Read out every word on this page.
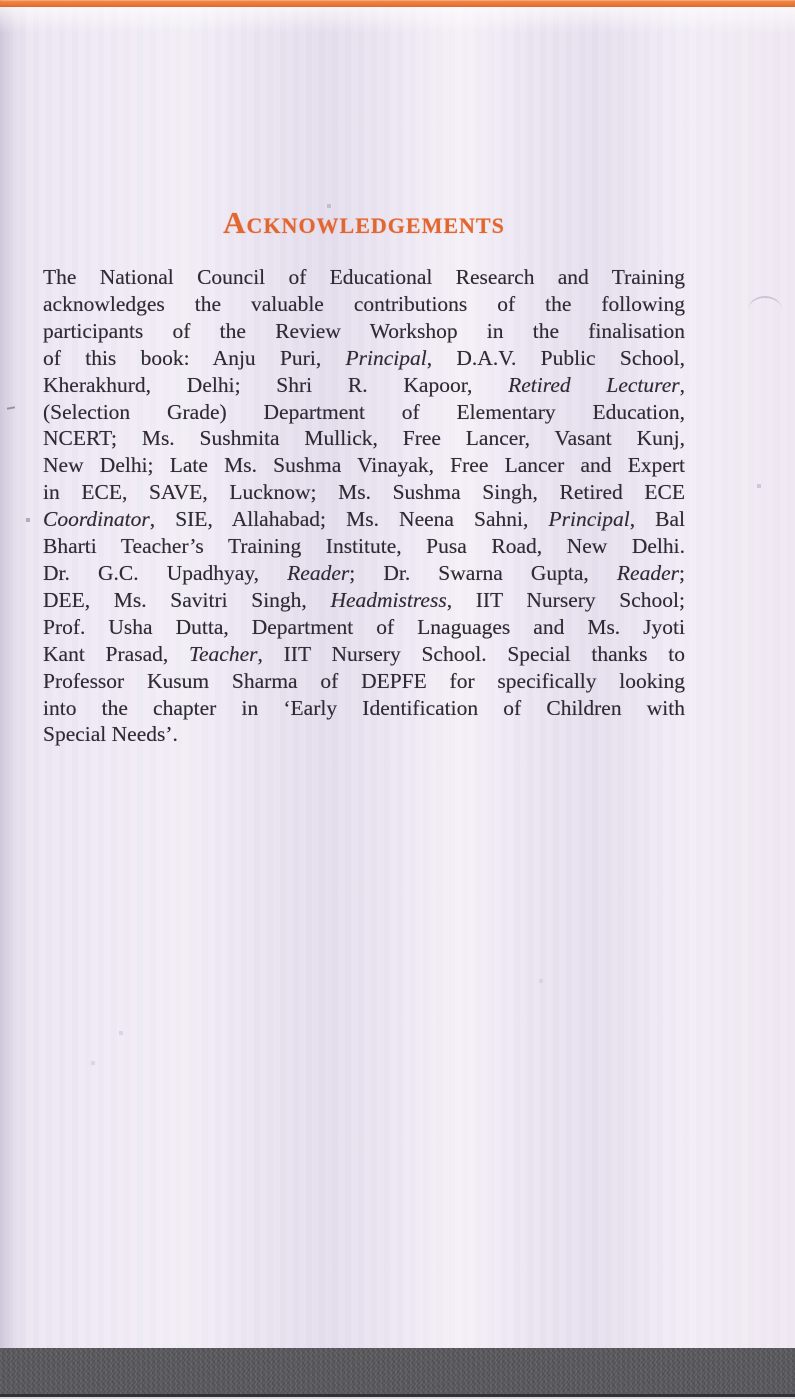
Acknowledgements
The National Council of Educational Research and Training
acknowledges the valuable contributions of the following
participants of the Review Workshop in the finalisation
of this book: Anju Puri, Principal, D.A.V. Public School,
Kherakhurd, Delhi; Shri R. Kapoor, Retired Lecturer,
(Selection Grade) Department of Elementary Education,
NCERT; Ms. Sushmita Mullick, Free Lancer, Vasant Kunj,
New Delhi; Late Ms. Sushma Vinayak, Free Lancer and Expert
in ECE, SAVE, Lucknow; Ms. Sushma Singh, Retired ECE
Coordinator, SIE, Allahabad; Ms. Neena Sahni, Principal, Bal
Bharti Teacher’s Training Institute, Pusa Road, New Delhi.
Dr. G.C. Upadhyay, Reader; Dr. Swarna Gupta, Reader;
DEE, Ms. Savitri Singh, Headmistress, IIT Nursery School;
Prof. Usha Dutta, Department of Lnaguages and Ms. Jyoti
Kant Prasad, Teacher, IIT Nursery School. Special thanks to
Professor Kusum Sharma of DEPFE for specifically looking
into the chapter in ‘Early Identification of Children with
Special Needs’.
